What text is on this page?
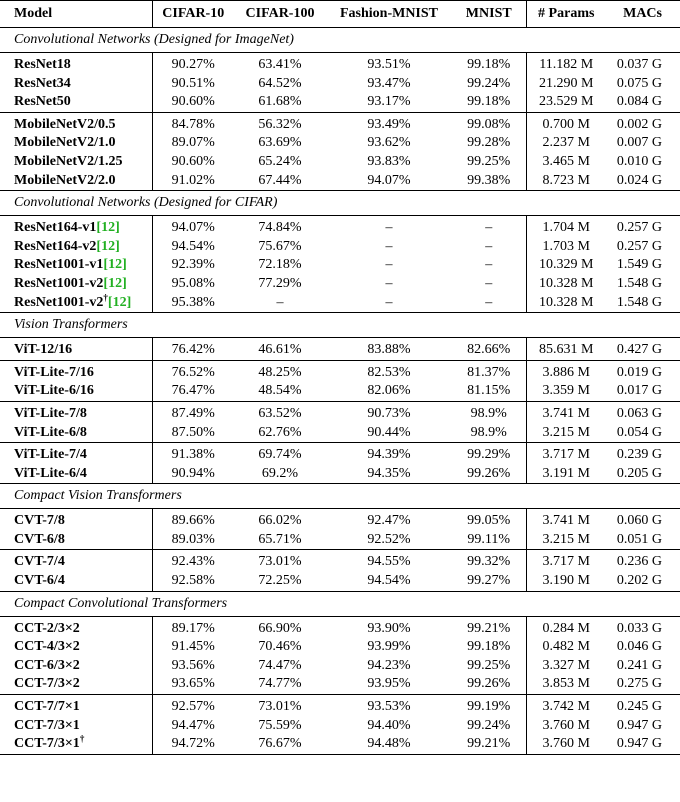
Model	CIFAR-10	CIFAR-100	Fashion-MNIST	MNIST	# Params	MACs
Convolutional Networks (Designed for ImageNet)						
ResNet18	90.27%	63.41%	93.51%	99.18%	11.182 M	0.037 G
ResNet34	90.51%	64.52%	93.47%	99.24%	21.290 M	0.075 G
ResNet50	90.60%	61.68%	93.17%	99.18%	23.529 M	0.084 G
MobileNetV2/0.5	84.78%	56.32%	93.49%	99.08%	0.700 M	0.002 G
MobileNetV2/1.0	89.07%	63.69%	93.62%	99.28%	2.237 M	0.007 G
MobileNetV2/1.25	90.60%	65.24%	93.83%	99.25%	3.465 M	0.010 G
MobileNetV2/2.0	91.02%	67.44%	94.07%	99.38%	8.723 M	0.024 G
Convolutional Networks (Designed for CIFAR)						
ResNet164-v1[12]	94.07%	74.84%	–	–	1.704 M	0.257 G
ResNet164-v2[12]	94.54%	75.67%	–	–	1.703 M	0.257 G
ResNet1001-v1[12]	92.39%	72.18%	–	–	10.329 M	1.549 G
ResNet1001-v2[12]	95.08%	77.29%	–	–	10.328 M	1.548 G
ResNet1001-v2†[12]	95.38%	–	–	–	10.328 M	1.548 G
Vision Transformers						
ViT-12/16	76.42%	46.61%	83.88%	82.66%	85.631 M	0.427 G
ViT-Lite-7/16	76.52%	48.25%	82.53%	81.37%	3.886 M	0.019 G
ViT-Lite-6/16	76.47%	48.54%	82.06%	81.15%	3.359 M	0.017 G
ViT-Lite-7/8	87.49%	63.52%	90.73%	98.9%	3.741 M	0.063 G
ViT-Lite-6/8	87.50%	62.76%	90.44%	98.9%	3.215 M	0.054 G
ViT-Lite-7/4	91.38%	69.74%	94.39%	99.29%	3.717 M	0.239 G
ViT-Lite-6/4	90.94%	69.2%	94.35%	99.26%	3.191 M	0.205 G
Compact Vision Transformers						
CVT-7/8	89.66%	66.02%	92.47%	99.05%	3.741 M	0.060 G
CVT-6/8	89.03%	65.71%	92.52%	99.11%	3.215 M	0.051 G
CVT-7/4	92.43%	73.01%	94.55%	99.32%	3.717 M	0.236 G
CVT-6/4	92.58%	72.25%	94.54%	99.27%	3.190 M	0.202 G
Compact Convolutional Transformers						
CCT-2/3×2	89.17%	66.90%	93.90%	99.21%	0.284 M	0.033 G
CCT-4/3×2	91.45%	70.46%	93.99%	99.18%	0.482 M	0.046 G
CCT-6/3×2	93.56%	74.47%	94.23%	99.25%	3.327 M	0.241 G
CCT-7/3×2	93.65%	74.77%	93.95%	99.26%	3.853 M	0.275 G
CCT-7/7×1	92.57%	73.01%	93.53%	99.19%	3.742 M	0.245 G
CCT-7/3×1	94.47%	75.59%	94.40%	99.24%	3.760 M	0.947 G
CCT-7/3×1†	94.72%	76.67%	94.48%	99.21%	3.760 M	0.947 G
